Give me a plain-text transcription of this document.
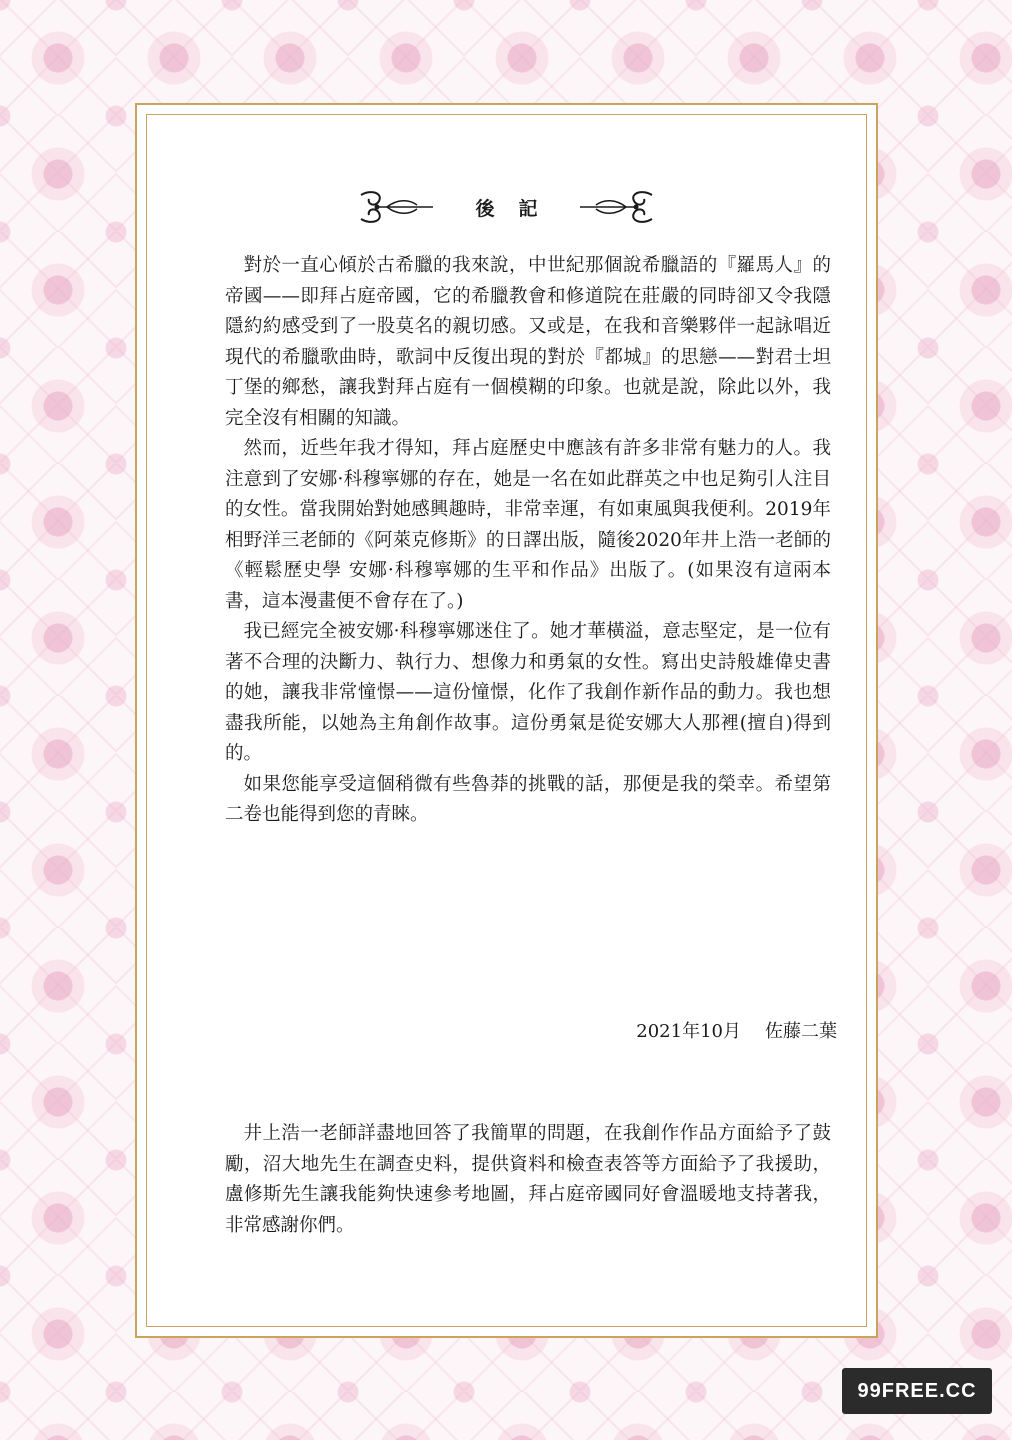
後記

對於一直心傾於古希臘的我來說，中世紀那個說希臘語的『羅馬人』的帝國——即拜占庭帝國，它的希臘教會和修道院在莊嚴的同時卻又令我隱隱約約感受到了一股莫名的親切感。又或是，在我和音樂夥伴一起詠唱近現代的希臘歌曲時，歌詞中反復出現的對於『都城』的思戀——對君士坦丁堡的鄉愁，讓我對拜占庭有一個模糊的印象。也就是說，除此以外，我完全沒有相關的知識。

然而，近些年我才得知，拜占庭歷史中應該有許多非常有魅力的人。我注意到了安娜·科穆寧娜的存在，她是一名在如此群英之中也足夠引人注目的女性。當我開始對她感興趣時，非常幸運，有如東風與我便利。2019年相野洋三老師的《阿萊克修斯》的日譯出版，隨後2020年井上浩一老師的《輕鬆歷史學 安娜·科穆寧娜的生平和作品》出版了。(如果沒有這兩本書，這本漫畫便不會存在了。)

我已經完全被安娜·科穆寧娜迷住了。她才華橫溢，意志堅定，是一位有著不合理的決斷力、執行力、想像力和勇氣的女性。寫出史詩般雄偉史書的她，讓我非常憧憬——這份憧憬，化作了我創作新作品的動力。我也想盡我所能，以她為主角創作故事。這份勇氣是從安娜大人那裡(擅自)得到的。

如果您能享受這個稍微有些魯莽的挑戰的話，那便是我的榮幸。希望第二卷也能得到您的青睞。

2021年10月 佐藤二葉

井上浩一老師詳盡地回答了我簡單的問題，在我創作作品方面給予了鼓勵，沼大地先生在調查史料，提供資料和檢查表答等方面給予了我援助，盧修斯先生讓我能夠快速參考地圖，拜占庭帝國同好會溫暖地支持著我，非常感謝你們。

99FREE.CC
